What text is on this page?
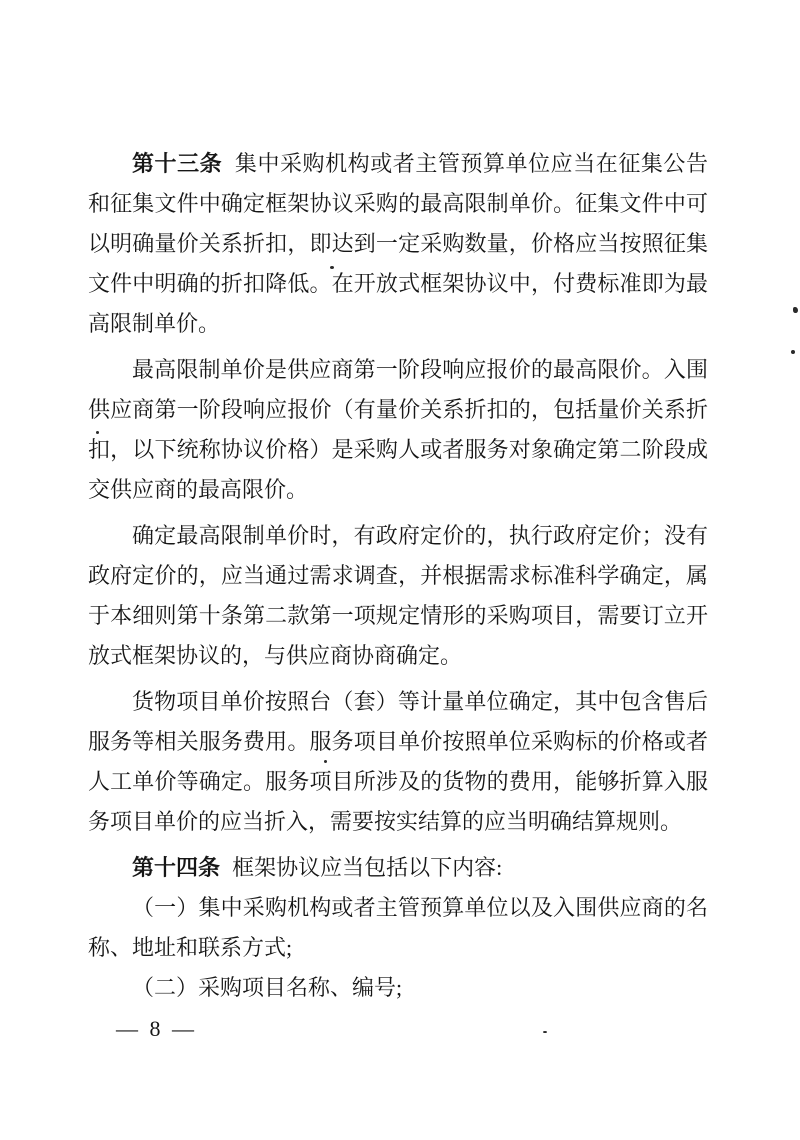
第十三条 集中采购机构或者主管预算单位应当在征集公告和征集文件中确定框架协议采购的最高限制单价。征集文件中可以明确量价关系折扣，即达到一定采购数量，价格应当按照征集文件中明确的折扣降低。在开放式框架协议中，付费标准即为最高限制单价。

最高限制单价是供应商第一阶段响应报价的最高限价。入围供应商第一阶段响应报价（有量价关系折扣的，包括量价关系折扣，以下统称协议价格）是采购人或者服务对象确定第二阶段成交供应商的最高限价。

确定最高限制单价时，有政府定价的，执行政府定价；没有政府定价的，应当通过需求调查，并根据需求标准科学确定，属于本细则第十条第二款第一项规定情形的采购项目，需要订立开放式框架协议的，与供应商协商确定。

货物项目单价按照台（套）等计量单位确定，其中包含售后服务等相关服务费用。服务项目单价按照单位采购标的价格或者人工单价等确定。服务项目所涉及的货物的费用，能够折算入服务项目单价的应当折入，需要按实结算的应当明确结算规则。

第十四条 框架协议应当包括以下内容:

（一）集中采购机构或者主管预算单位以及入围供应商的名称、地址和联系方式;

（二）采购项目名称、编号;

— 8 —
